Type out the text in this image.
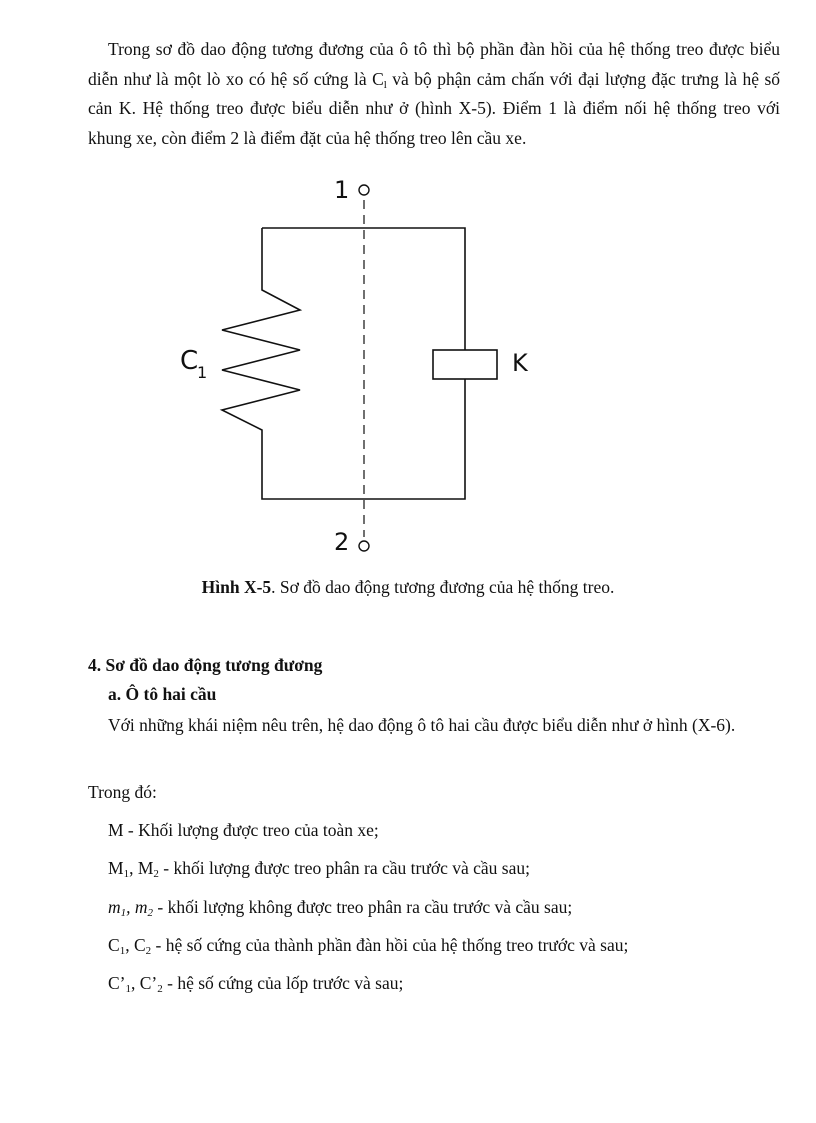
Trong sơ đồ dao động tương đương của ô tô thì bộ phần đàn hồi của hệ thống treo được biểu diễn như là một lò xo có hệ số cứng là $C_l$ và bộ phận cảm chấn với đại lượng đặc trưng là hệ số cản K. Hệ thống treo được biểu diễn như ở (hình X-5). Điểm 1 là điểm nối hệ thống treo với khung xe, còn điểm 2 là điểm đặt của hệ thống treo lên cầu xe.

1
C
1	K
2

Hình X-5. Sơ đồ dao động tương đương của hệ thống treo.

4. Sơ đồ dao động tương đương

a. Ô tô hai cầu

Với những khái niệm nêu trên, hệ dao động ô tô hai cầu được biểu diễn như ở hình (X-6).

Trong đó:

M - Khối lượng được treo của toàn xe;

$M_1$, $M_2$ - khối lượng được treo phân ra cầu trước và cầu sau;

$m_1$, $m_2$ - khối lượng không được treo phân ra cầu trước và cầu sau;

$C_1$, $C_2$ - hệ số cứng của thành phần đàn hồi của hệ thống treo trước và sau;

$C’_1$, $C’_2$ - hệ số cứng của lốp trước và sau;
